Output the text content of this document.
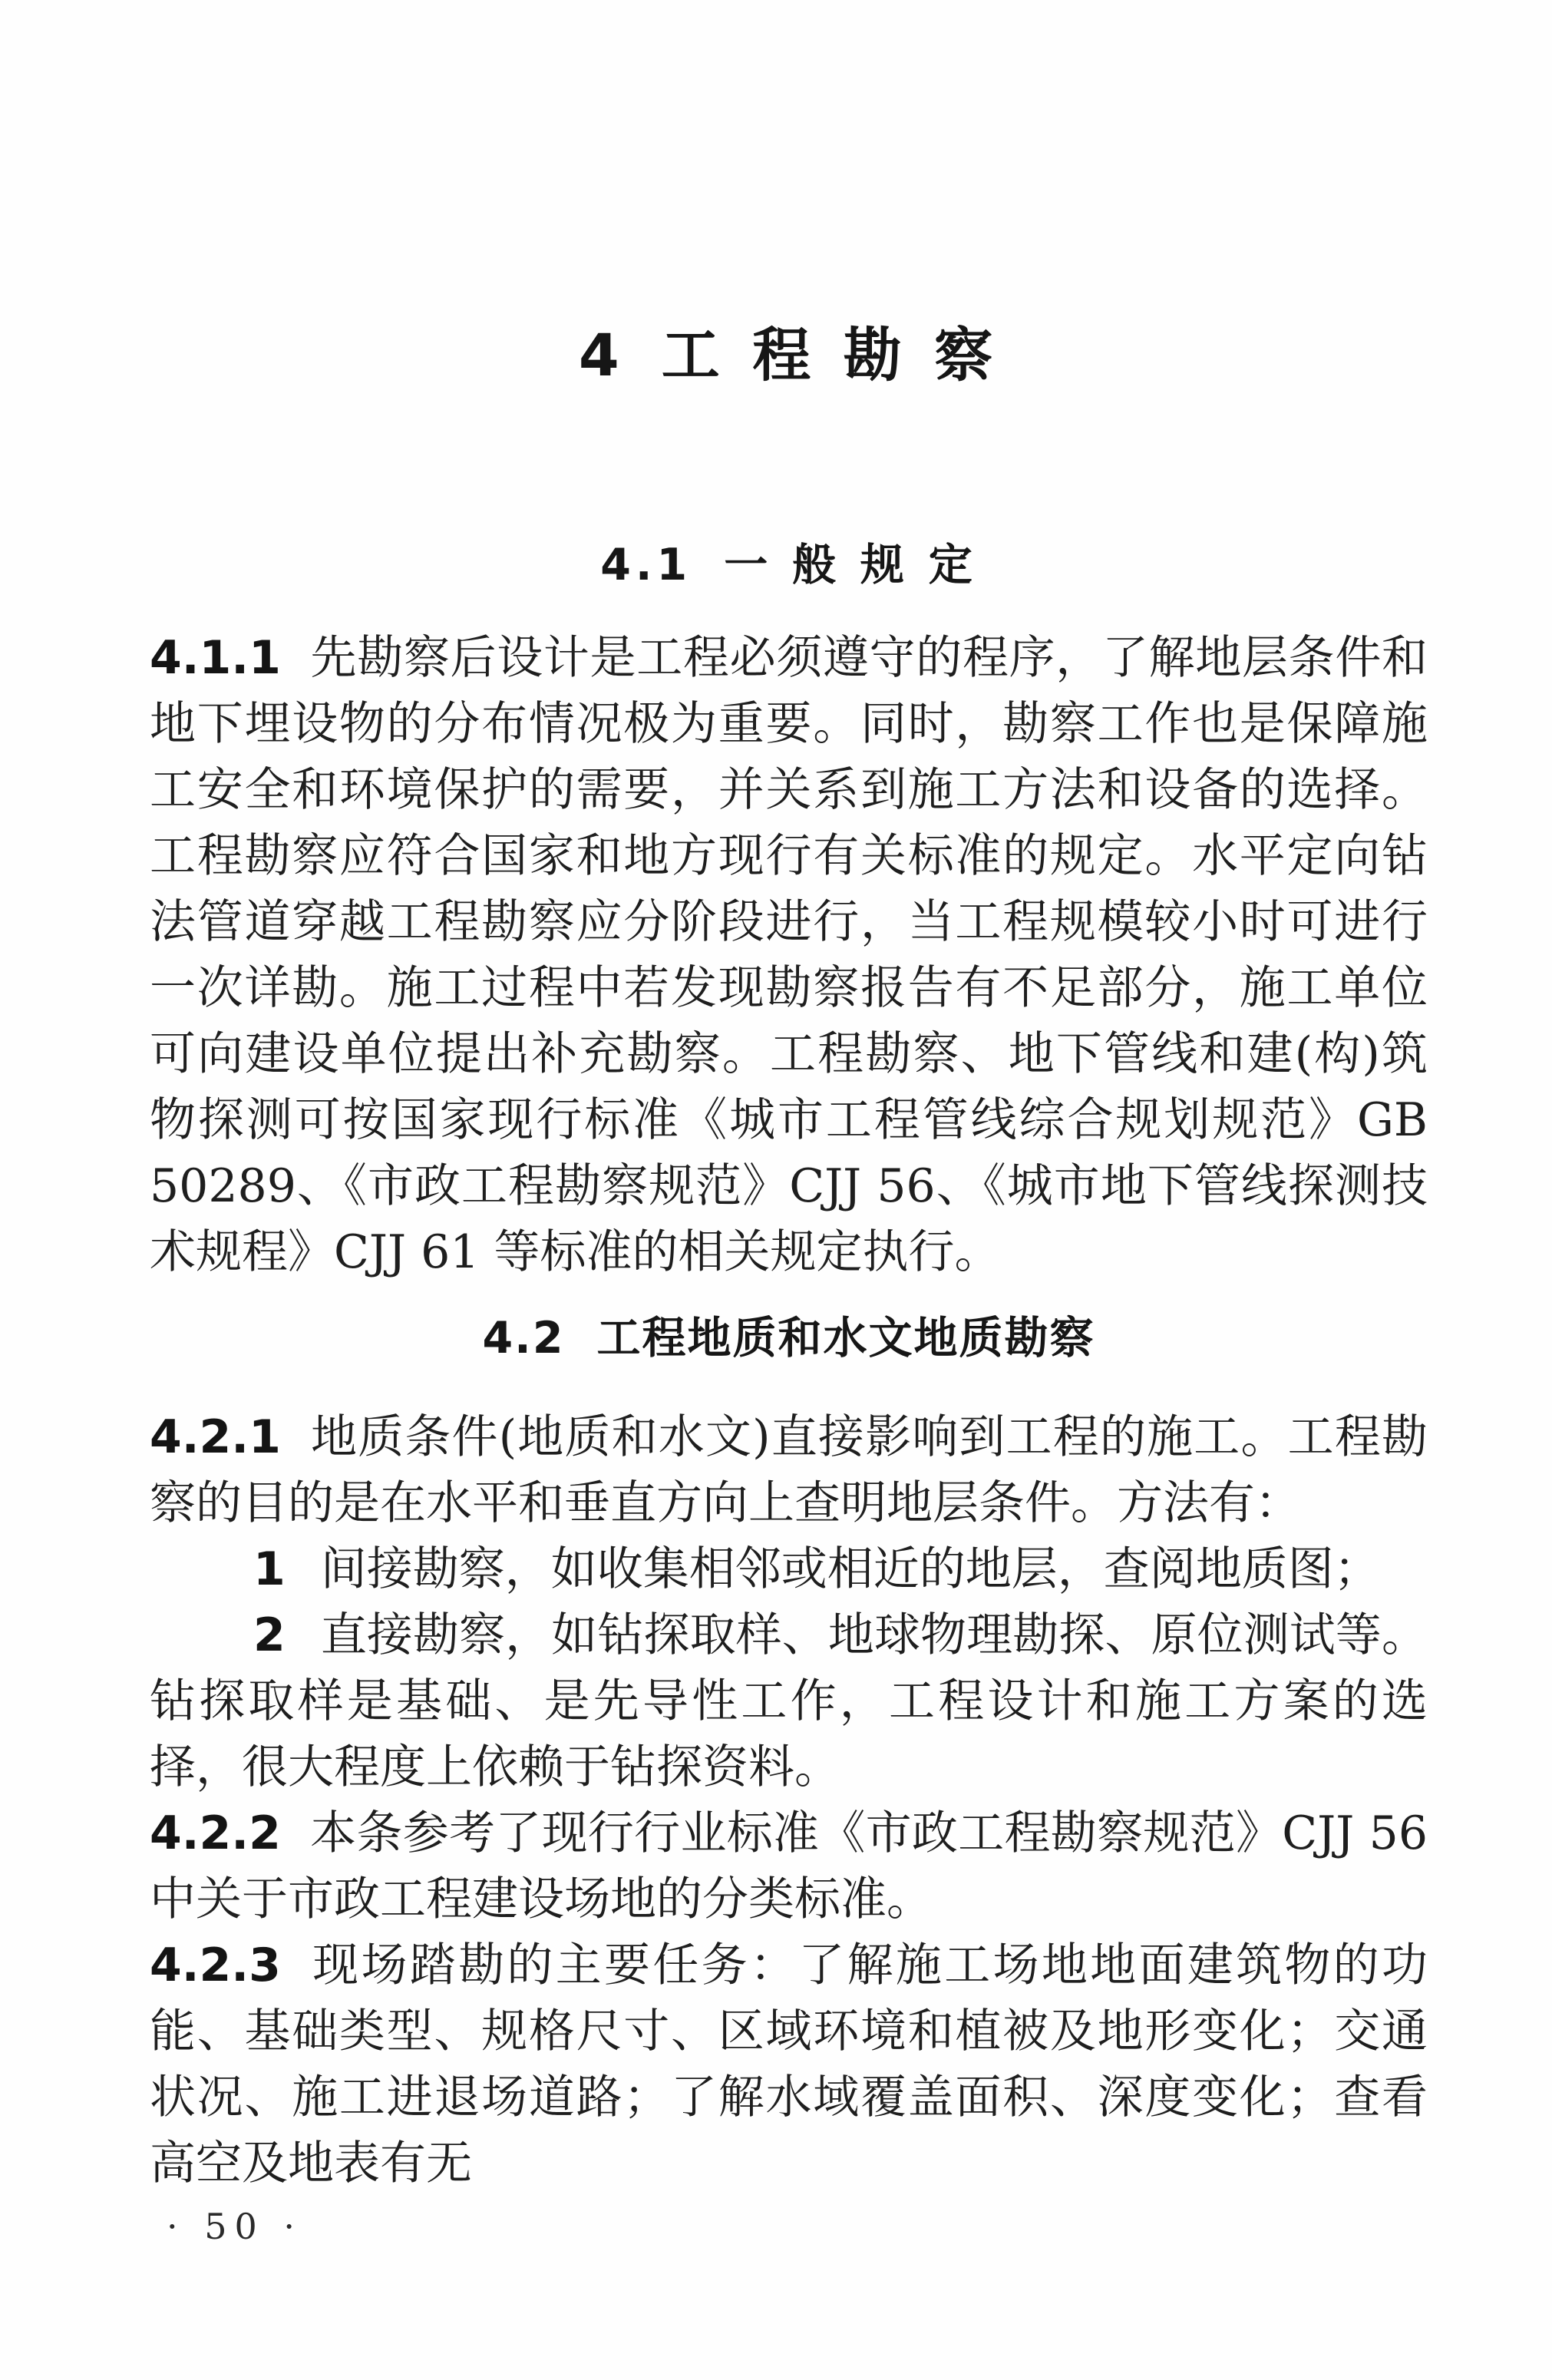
4 工 程 勘 察
4.1 一 般 规 定

4.1.1 先勘察后设计是工程必须遵守的程序，了解地层条件和地下埋设物的分布情况极为重要。同时，勘察工作也是保障施工安全和环境保护的需要，并关系到施工方法和设备的选择。工程勘察应符合国家和地方现行有关标准的规定。水平定向钻法管道穿越工程勘察应分阶段进行，当工程规模较小时可进行一次详勘。施工过程中若发现勘察报告有不足部分，施工单位可向建设单位提出补充勘察。工程勘察、地下管线和建(构)筑物探测可按国家现行标准《城市工程管线综合规划规范》GB 50289、《市政工程勘察规范》CJJ 56、《城市地下管线探测技术规程》CJJ 61 等标准的相关规定执行。

4.2 工程地质和水文地质勘察

4.2.1 地质条件(地质和水文)直接影响到工程的施工。工程勘察的目的是在水平和垂直方向上查明地层条件。方法有：

1 间接勘察，如收集相邻或相近的地层，查阅地质图；

2 直接勘察，如钻探取样、地球物理勘探、原位测试等。钻探取样是基础、是先导性工作，工程设计和施工方案的选择，很大程度上依赖于钻探资料。

4.2.2 本条参考了现行行业标准《市政工程勘察规范》CJJ 56 中关于市政工程建设场地的分类标准。

4.2.3 现场踏勘的主要任务：了解施工场地地面建筑物的功能、基础类型、规格尺寸、区域环境和植被及地形变化；交通状况、施工进退场道路；了解水域覆盖面积、深度变化；查看高空及地表有无

· 50 ·
